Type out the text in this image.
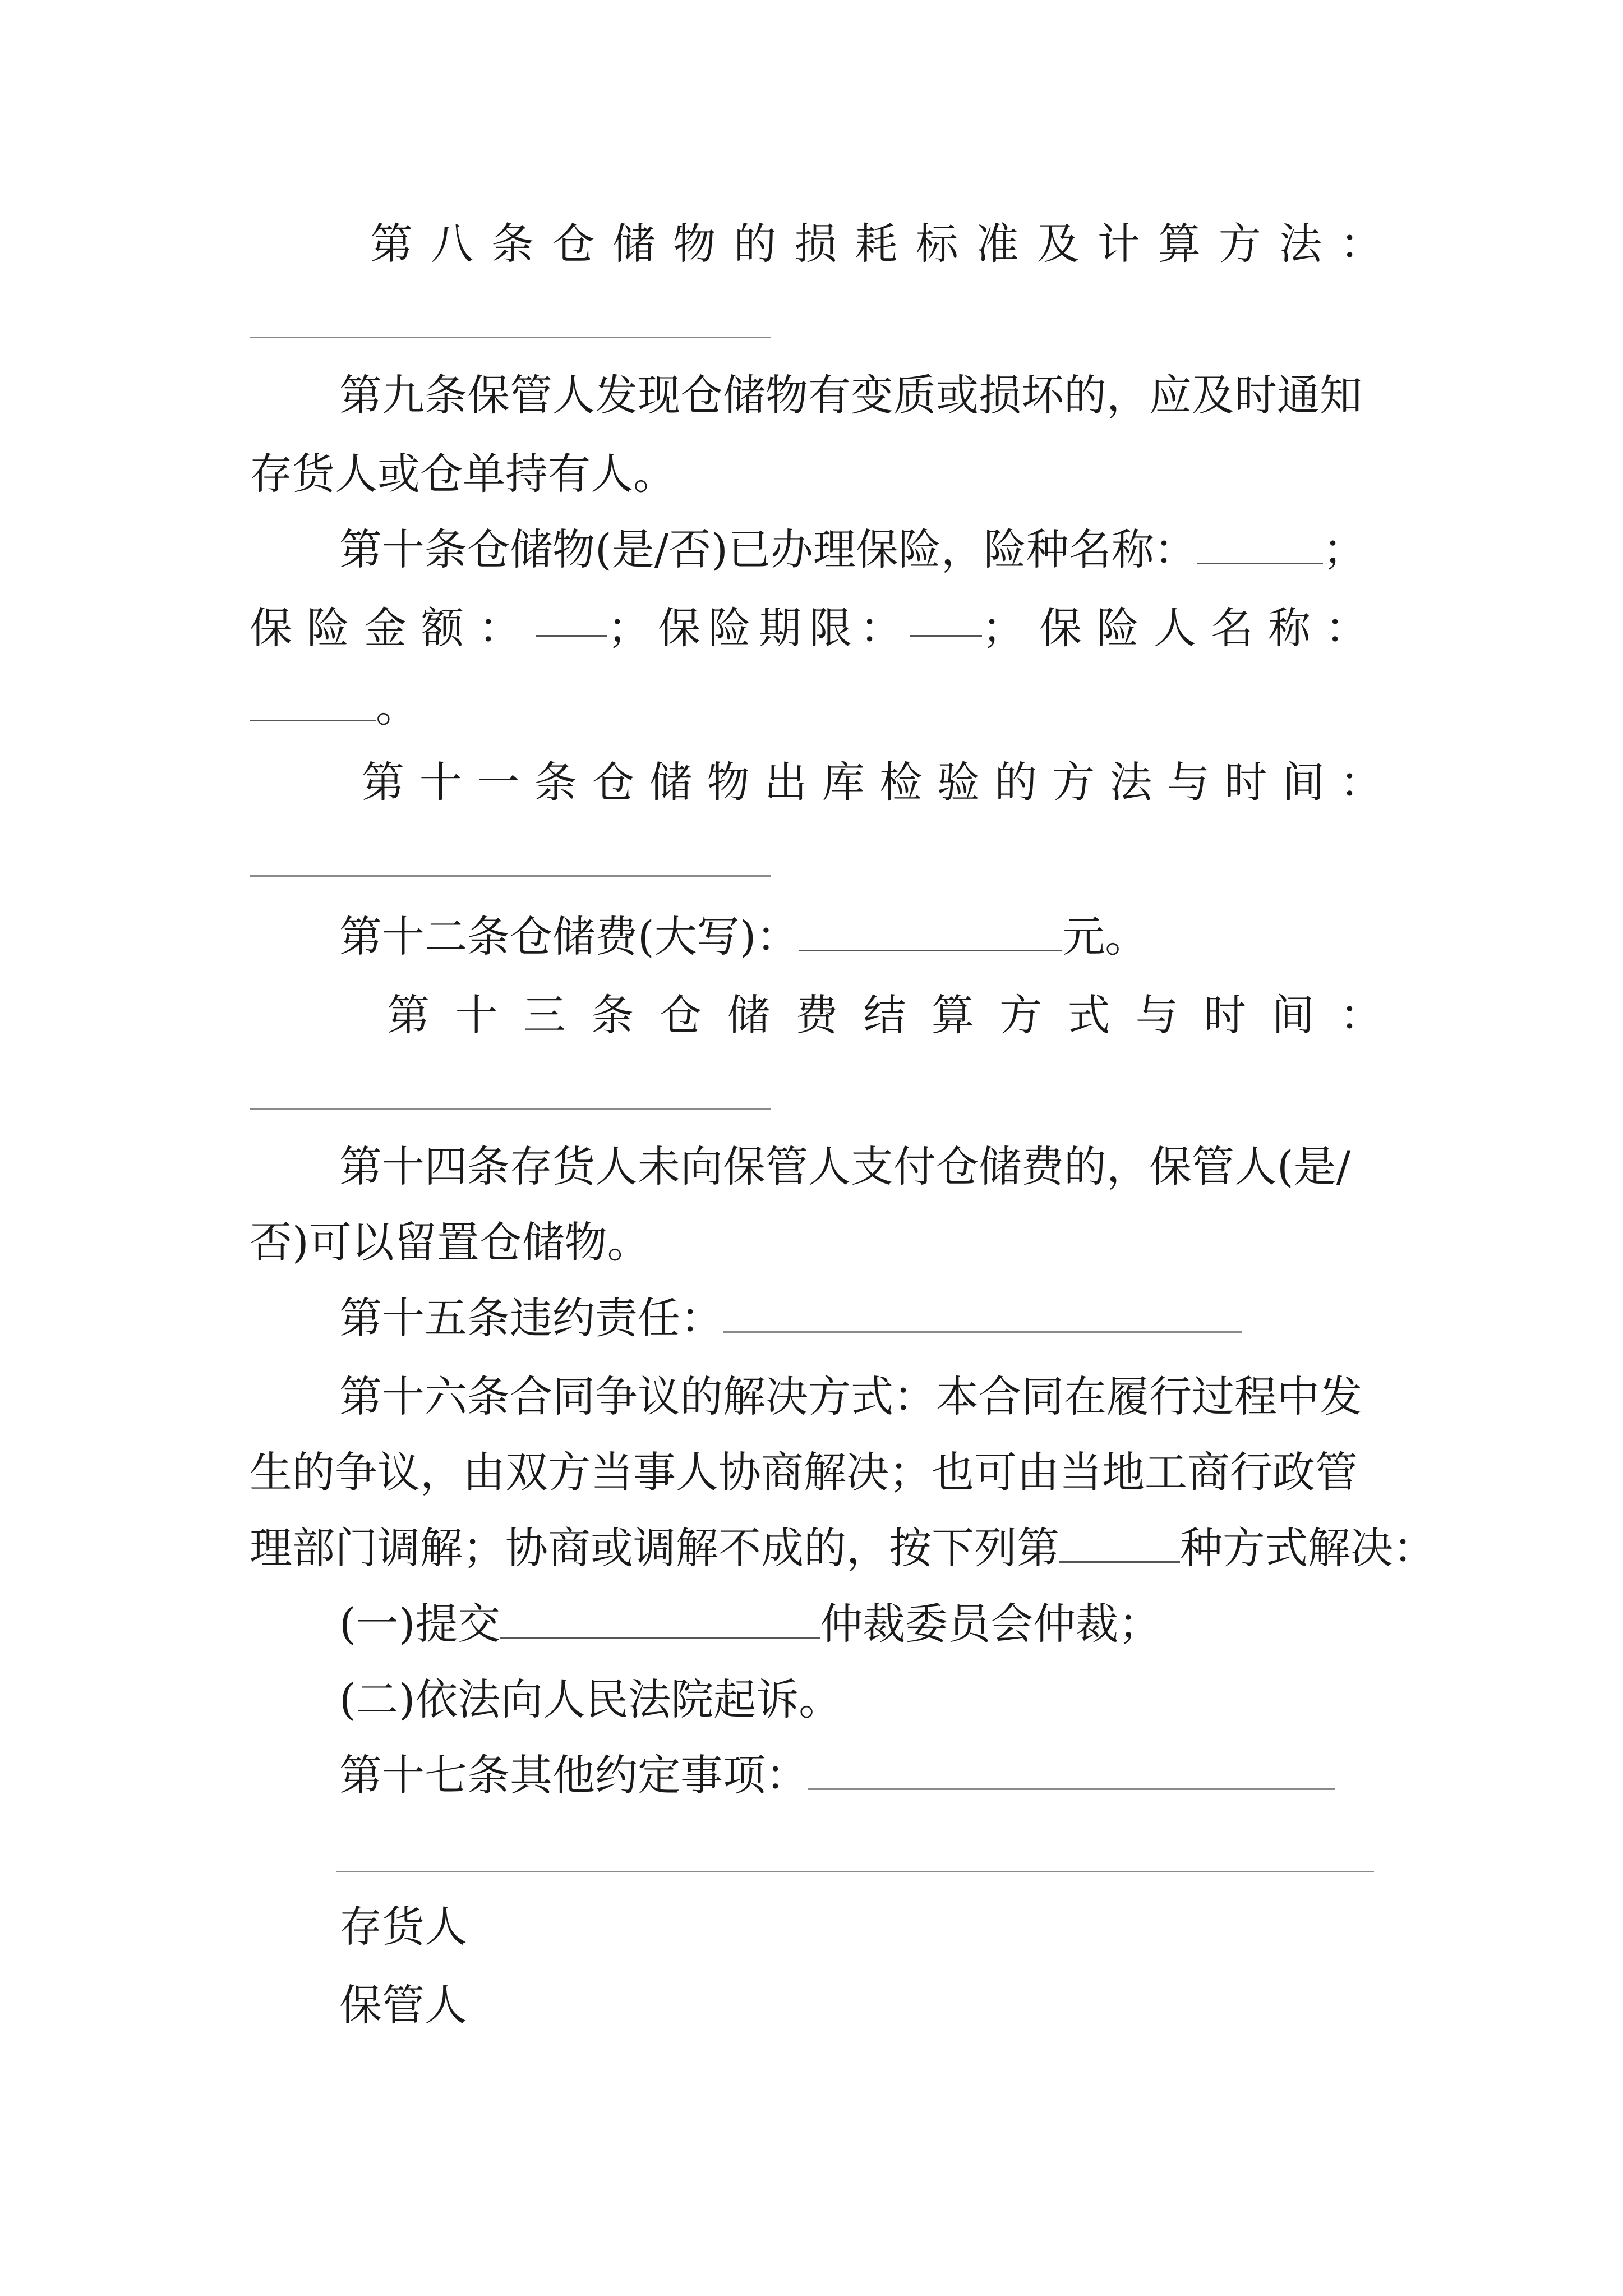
第 八 条 仓 储 物 的 损 耗 标 准 及 计 算 方 法 ：
第九条保管人发现仓储物有变质或损坏的，应及时通知
存货人或仓单持有人。
第十条仓储物(是/否)已办理保险，险种名称：	；
保险金额： ；保险期限： ；保险人名称：
。
第 十 一 条 仓 储 物 出 库 检 验 的 方 法 与 时 间 ：
第十二条仓储费(大写)：	元。
第 十 三 条 仓 储 费 结 算 方 式 与 时 间 ：
第十四条存货人未向保管人支付仓储费的，保管人(是/
否)可以留置仓储物。
第十五条违约责任：
第十六条合同争议的解决方式：本合同在履行过程中发
生的争议，由双方当事人协商解决；也可由当地工商行政管
理部门调解；协商或调解不成的，按下列第	种方式解决：
(一)提交	仲裁委员会仲裁；
(二)依法向人民法院起诉。
第十七条其他约定事项：
存货人
保管人
